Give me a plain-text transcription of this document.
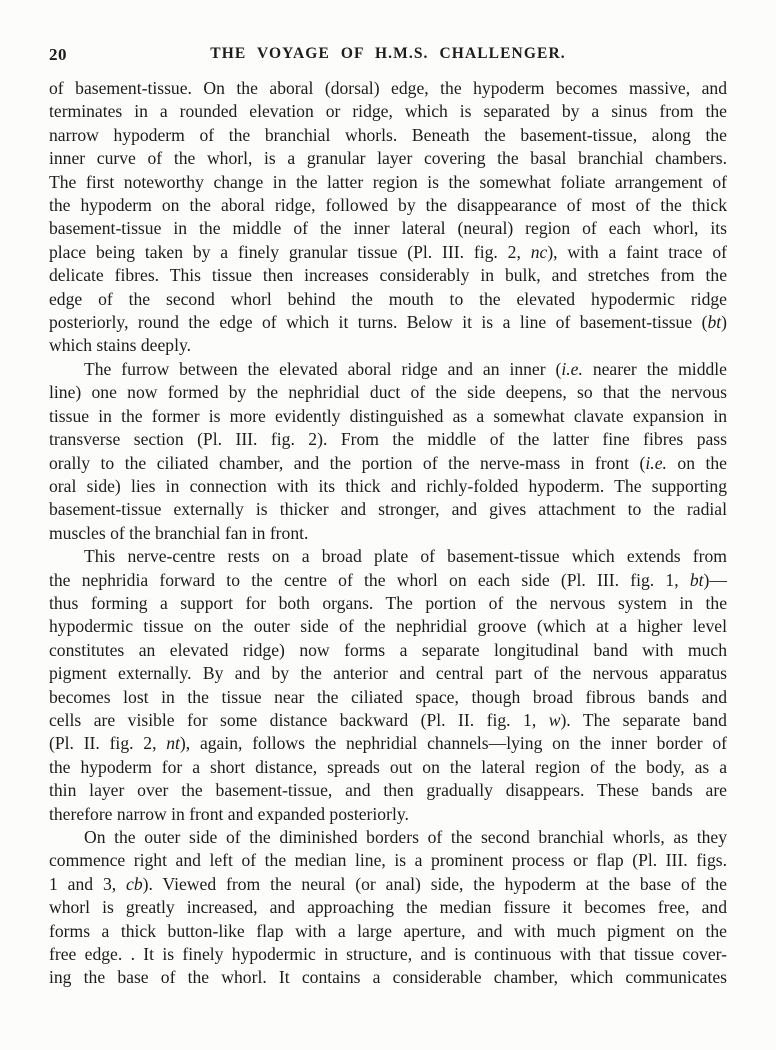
20	THE VOYAGE OF H.M.S. CHALLENGER.
of basement-tissue. On the aboral (dorsal) edge, the hypoderm becomes massive, and
terminates in a rounded elevation or ridge, which is separated by a sinus from the
narrow hypoderm of the branchial whorls. Beneath the basement-tissue, along the
inner curve of the whorl, is a granular layer covering the basal branchial chambers.
The first noteworthy change in the latter region is the somewhat foliate arrangement of
the hypoderm on the aboral ridge, followed by the disappearance of most of the thick
basement-tissue in the middle of the inner lateral (neural) region of each whorl, its
place being taken by a finely granular tissue (Pl. III. fig. 2, nc), with a faint trace of
delicate fibres. This tissue then increases considerably in bulk, and stretches from the
edge of the second whorl behind the mouth to the elevated hypodermic ridge
posteriorly, round the edge of which it turns. Below it is a line of basement-tissue (bt)
which stains deeply.
The furrow between the elevated aboral ridge and an inner (i.e. nearer the middle
line) one now formed by the nephridial duct of the side deepens, so that the nervous
tissue in the former is more evidently distinguished as a somewhat clavate expansion in
transverse section (Pl. III. fig. 2). From the middle of the latter fine fibres pass
orally to the ciliated chamber, and the portion of the nerve-mass in front (i.e. on the
oral side) lies in connection with its thick and richly-folded hypoderm. The supporting
basement-tissue externally is thicker and stronger, and gives attachment to the radial
muscles of the branchial fan in front.
This nerve-centre rests on a broad plate of basement-tissue which extends from
the nephridia forward to the centre of the whorl on each side (Pl. III. fig. 1, bt)—
thus forming a support for both organs. The portion of the nervous system in the
hypodermic tissue on the outer side of the nephridial groove (which at a higher level
constitutes an elevated ridge) now forms a separate longitudinal band with much
pigment externally. By and by the anterior and central part of the nervous apparatus
becomes lost in the tissue near the ciliated space, though broad fibrous bands and
cells are visible for some distance backward (Pl. II. fig. 1, w). The separate band
(Pl. II. fig. 2, nt), again, follows the nephridial channels—lying on the inner border of
the hypoderm for a short distance, spreads out on the lateral region of the body, as a
thin layer over the basement-tissue, and then gradually disappears. These bands are
therefore narrow in front and expanded posteriorly.
On the outer side of the diminished borders of the second branchial whorls, as they
commence right and left of the median line, is a prominent process or flap (Pl. III. figs.
1 and 3, cb). Viewed from the neural (or anal) side, the hypoderm at the base of the
whorl is greatly increased, and approaching the median fissure it becomes free, and
forms a thick button-like flap with a large aperture, and with much pigment on the
free edge. . It is finely hypodermic in structure, and is continuous with that tissue cover-
ing the base of the whorl. It contains a considerable chamber, which communicates
